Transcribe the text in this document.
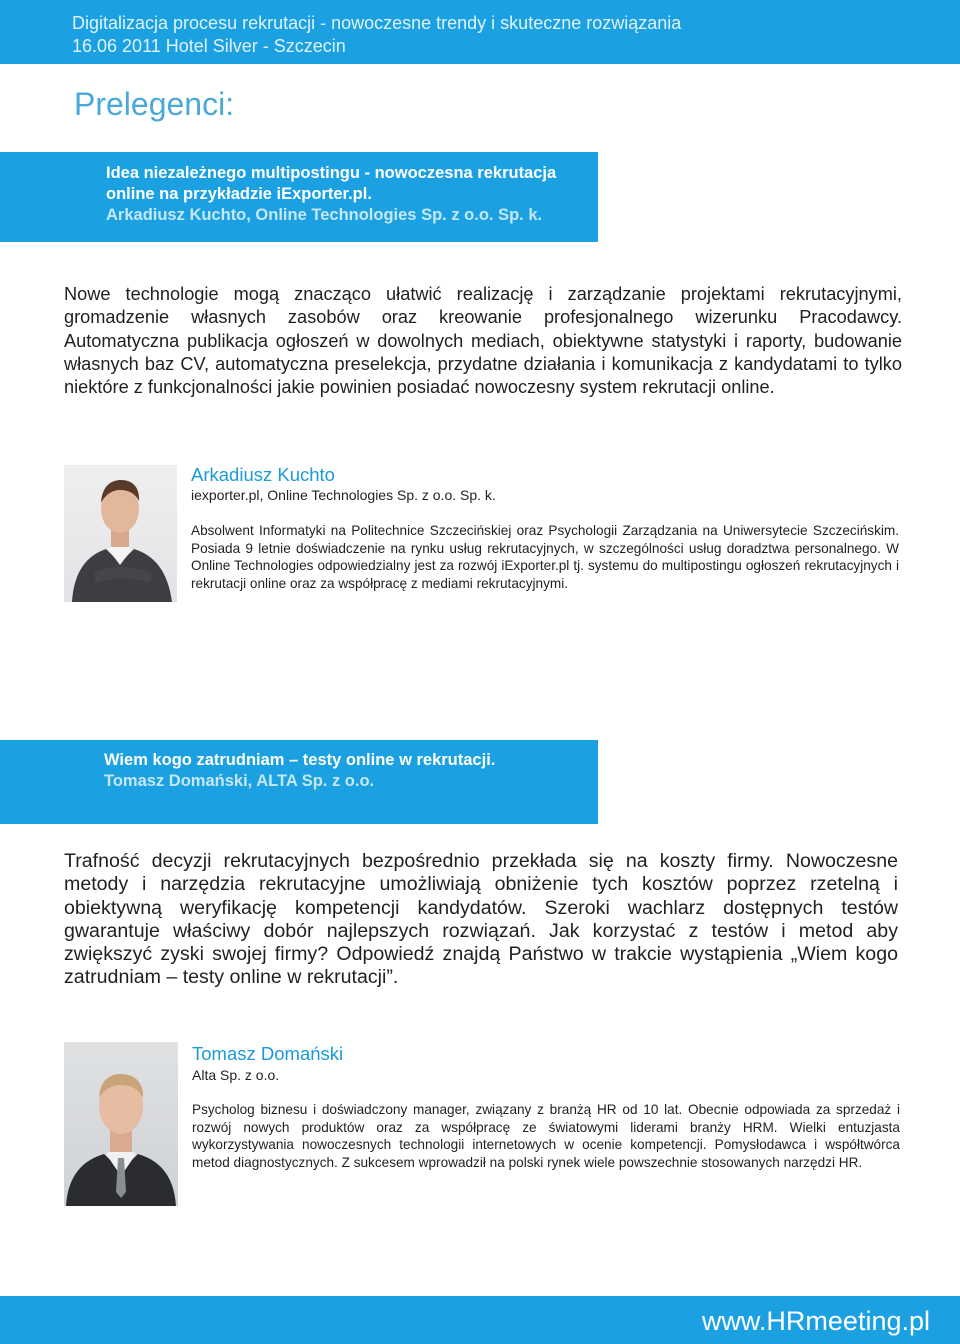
Digitalizacja procesu rekrutacji - nowoczesne trendy i skuteczne rozwiązania
16.06 2011 Hotel Silver - Szczecin
Prelegenci:
Idea niezależnego multipostingu - nowoczesna rekrutacja online na przykładzie iExporter.pl.
Arkadiusz Kuchto, Online Technologies Sp. z o.o. Sp. k.

Nowe technologie mogą znacząco ułatwić realizację i zarządzanie projektami rekrutacyjnymi, gromadzenie własnych zasobów oraz kreowanie profesjonalnego wizerunku Pracodawcy. Automatyczna publikacja ogłoszeń w dowolnych mediach, obiektywne statystyki i raporty, budowanie własnych baz CV, automatyczna preselekcja, przydatne działania i komunikacja z kandydatami to tylko niektóre z funkcjonalności jakie powinien posiadać nowoczesny system rekrutacji online.

Arkadiusz Kuchto
iexporter.pl, Online Technologies Sp. z o.o. Sp. k.

Absolwent Informatyki na Politechnice Szczecińskiej oraz Psychologii Zarządzania na Uniwersytecie Szczecińskim. Posiada 9 letnie doświadczenie na rynku usług rekrutacyjnych, w szczególności usług doradztwa personalnego. W Online Technologies odpowiedzialny jest za rozwój iExporter.pl tj. systemu do multipostingu ogłoszeń rekrutacyjnych i rekrutacji online oraz za współpracę z mediami rekrutacyjnymi.

Wiem kogo zatrudniam – testy online w rekrutacji.
Tomasz Domański, ALTA Sp. z o.o.

Trafność decyzji rekrutacyjnych bezpośrednio przekłada się na koszty firmy. Nowoczesne metody i narzędzia rekrutacyjne umożliwiają obniżenie tych kosztów poprzez rzetelną i obiektywną weryfikację kompetencji kandydatów. Szeroki wachlarz dostępnych testów gwarantuje właściwy dobór najlepszych rozwiązań. Jak korzystać z testów i metod aby zwiększyć zyski swojej firmy? Odpowiedź znajdą Państwo w trakcie wystąpienia „Wiem kogo zatrudniam – testy online w rekrutacji”.

Tomasz Domański
Alta Sp. z o.o.

Psycholog biznesu i doświadczony manager, związany z branżą HR od 10 lat. Obecnie odpowiada za sprzedaż i rozwój nowych produktów oraz za współpracę ze światowymi liderami branży HRM. Wielki entuzjasta wykorzystywania nowoczesnych technologii internetowych w ocenie kompetencji. Pomysłodawca i współtwórca metod diagnostycznych. Z sukcesem wprowadził na polski rynek wiele powszechnie stosowanych narzędzi HR.

www.HRmeeting.pl
